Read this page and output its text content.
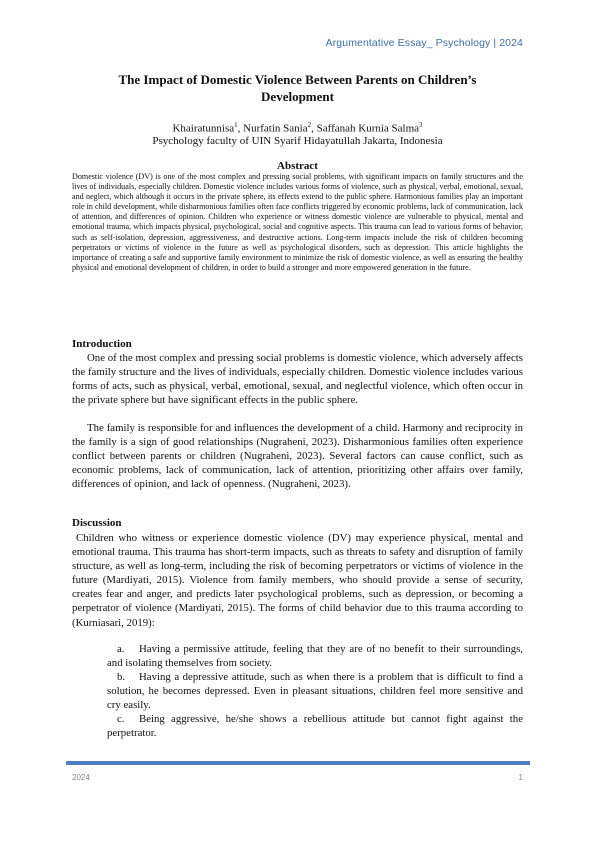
Argumentative Essay_ Psychology | 2024
The Impact of Domestic Violence Between Parents on Children’s Development
Khairatunnisa$^1$, Nurfatin Sania$^2$, Saffanah Kurnia Salma$^3$
Psychology faculty of UIN Syarif Hidayatullah Jakarta, Indonesia
Abstract
Domestic violence (DV) is one of the most complex and pressing social problems, with significant impacts on family structures and the lives of individuals, especially children. Domestic violence includes various forms of violence, such as physical, verbal, emotional, sexual, and neglect, which although it occurs in the private sphere, its effects extend to the public sphere. Harmonious families play an important role in child development, while disharmonious families often face conflicts triggered by economic problems, lack of communication, lack of attention, and differences of opinion. Children who experience or witness domestic violence are vulnerable to physical, mental and emotional trauma, which impacts physical, psychological, social and cognitive aspects. This trauma can lead to various forms of behavior, such as self-isolation, depression, aggressiveness, and destructive actions. Long-term impacts include the risk of children becoming perpetrators or victims of violence in the future as well as psychological disorders, such as depression. This article highlights the importance of creating a safe and supportive family environment to minimize the risk of domestic violence, as well as ensuring the healthy physical and emotional development of children, in order to build a stronger and more empowered generation in the future.
Introduction

One of the most complex and pressing social problems is domestic violence, which adversely affects the family structure and the lives of individuals, especially children. Domestic violence includes various forms of acts, such as physical, verbal, emotional, sexual, and neglectful violence, which often occur in the private sphere but have significant effects in the public sphere.

The family is responsible for and influences the development of a child. Harmony and reciprocity in the family is a sign of good relationships (Nugraheni, 2023). Disharmonious families often experience conflict between parents or children (Nugraheni, 2023). Several factors can cause conflict, such as economic problems, lack of communication, lack of attention, prioritizing other affairs over family, differences of opinion, and lack of openness. (Nugraheni, 2023).

Discussion

Children who witness or experience domestic violence (DV) may experience physical, mental and emotional trauma. This trauma has short-term impacts, such as threats to safety and disruption of family structure, as well as long-term, including the risk of becoming perpetrators or victims of violence in the future (Mardiyati, 2015). Violence from family members, who should provide a sense of security, creates fear and anger, and predicts later psychological problems, such as depression, or becoming a perpetrator of violence (Mardiyati, 2015). The forms of child behavior due to this trauma according to (Kurniasari, 2019):

a. Having a permissive attitude, feeling that they are of no benefit to their surroundings, and isolating themselves from society.
b. Having a depressive attitude, such as when there is a problem that is difficult to find a solution, he becomes depressed. Even in pleasant situations, children feel more sensitive and cry easily.
c. Being aggressive, he/she shows a rebellious attitude but cannot fight against the perpetrator.
2024	1
